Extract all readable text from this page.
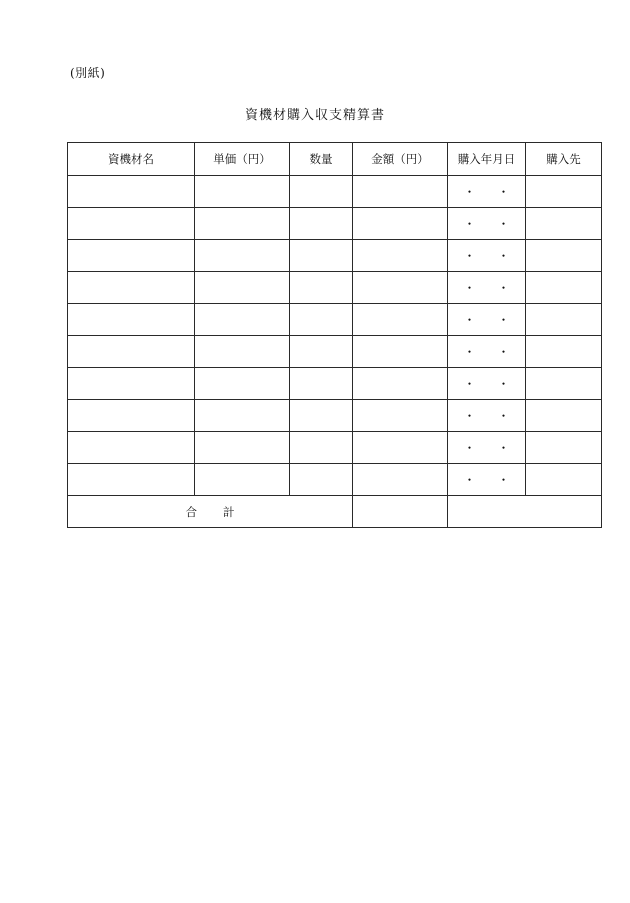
(別紙)
資機材購入収支精算書
資機材名	単価（円）	数量	金額（円）	購入年月日	購入先
				・ ・	
				・ ・	
				・ ・	
				・ ・	
				・ ・	
				・ ・	
				・ ・	
				・ ・	
				・ ・	
				・ ・	
合 計					
